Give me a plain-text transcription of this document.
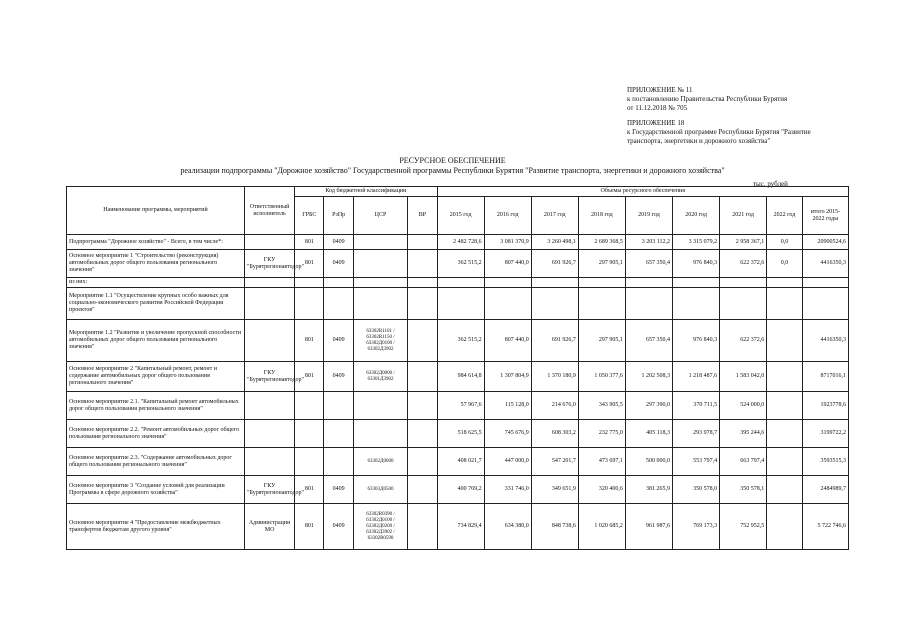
ПРИЛОЖЕНИЕ № 11
к постановлению Правительства Республики Бурятия
от 11.12.2018 № 705
ПРИЛОЖЕНИЕ 18
к Государственной программе Республики Бурятия "Развитие
транспорта, энергетики и дорожного хозяйства"
РЕСУРСНОЕ ОБЕСПЕЧЕНИЕ
реализации подпрограммы "Дорожное хозяйство" Государственной программы Республики Бурятия "Развитие транспорта, энергетики и дорожного хозяйства"
тыс. рублей
Наименование программы, мероприятий	Ответственный исполнитель	Код бюджетной классификации				Объемы ресурсного обеспечения								
		ГРБС	РзПр	ЦСР	ВР	2015 год	2016 год	2017 год	2018 год	2019 год	2020 год	2021 год	2022 год	итого 2015-2022 годы
Подпрограмма "Дорожное хозяйство" - Всего, в том числе*:		801	0409			2 482 728,6	3 081 370,9	3 260 498,1	2 689 368,5	3 203 112,2	3 315 079,2	2 958 367,1	0,0	20900524,6
Основное мероприятие 1 "Строительство (реконструкция) автомобильных дорог общего пользования регионального значения"	ГКУ "Бурятрегионавтодор"	801	0409			362 515,2	807 440,0	691 926,7	297 905,1	657 350,4	976 840,3	622 372,6	0,0	4416350,3
из них:														
Мероприятие 1.1 "Осуществление крупных особо важных для социально-экономического развития Российской Федерации проектов"														
Мероприятие 1.2 "Развитие и увеличение пропускной способности автомобильных дорог общего пользования регионального значения"		801	0409	63302R1101 / 63302R1150 / 63302Д0100 / 63302Д3902		362 515,2	807 440,0	691 926,7	297 905,1	657 350,4	976 840,3	622 372,6		4416350,3
Основное мероприятие 2 "Капитальный ремонт, ремонт и содержание автомобильных дорог общего пользования регионального значения"	ГКУ "Бурятрегионавтодор"	801	0409	63302Д0000 / 63301Д3902		984 614,8	1 307 804,9	1 370 180,9	1 050 377,6	1 202 508,3	1 218 487,6	1 583 042,0		8717016,1
Основное мероприятие 2.1. "Капитальный ремонт автомобильных дорог общего пользования регионального значения"						57 967,6	115 128,0	214 676,0	343 905,5	297 390,0	370 711,5	524 000,0		1923778,6
Основное мероприятие 2.2. "Ремонт автомобильных дорог общего пользования регионального значения"						518 625,5	745 676,9	608 303,2	232 775,0	405 118,3	293 978,7	395 244,6		3199722,2
Основное мероприятие 2.3. "Содержание автомобильных дорог общего пользования регионального значения"				63302Д0000		408 021,7	447 000,0	547 201,7	473 697,1	500 000,0	553 797,4	663 797,4		3593515,3
Основное мероприятие 3 "Создание условий для реализации Программы в сфере дорожного хозяйства"	ГКУ "Бурятрегионавтодор"	801	0409	63303Д0500		400 769,2	331 746,0	349 651,9	320 400,6	381 265,9	350 578,0	350 578,1		2484989,7
Основное мероприятие 4 "Предоставление межбюджетных трансфертов бюджетам другого уровня"	Администрации МО	801	0409	63302R0390 / 63302Д0100 / 63302Д0200 / 63302Д3902 / 63302R0590		734 829,4	634 380,0	848 738,6	1 020 685,2	961 987,6	769 173,3	752 952,5		5 722 746,6
